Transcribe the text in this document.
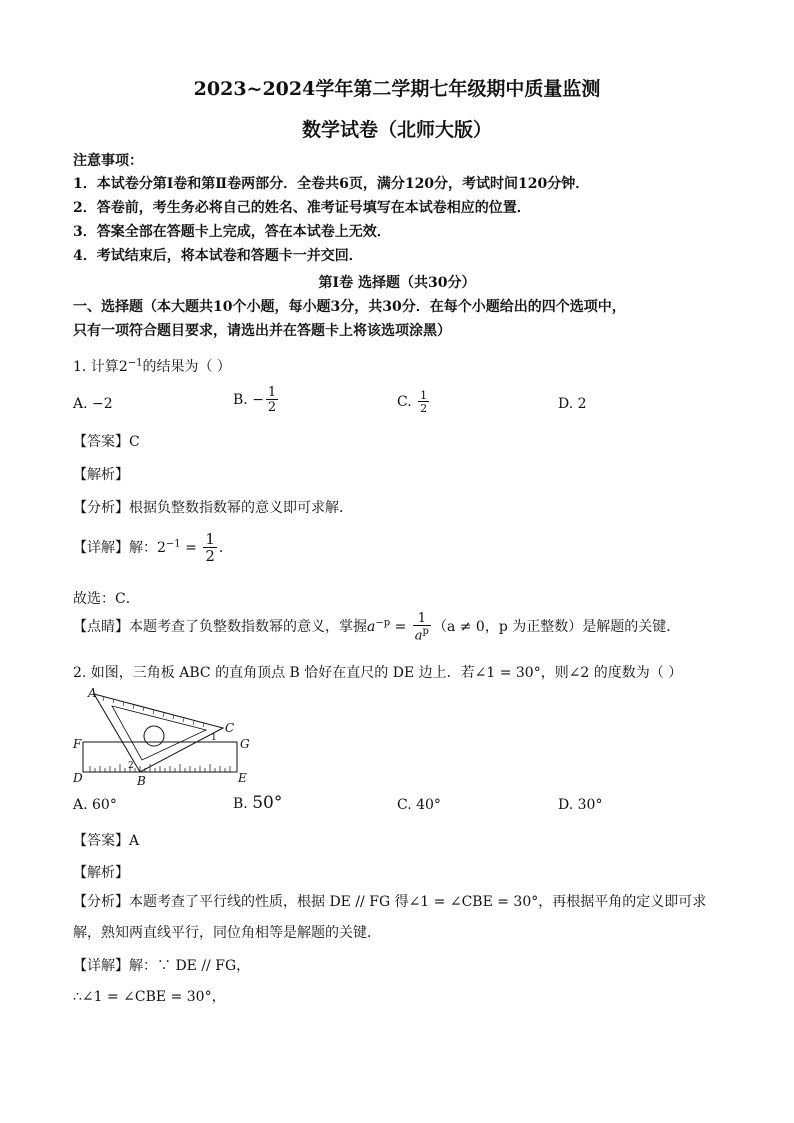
2023~2024学年第二学期七年级期中质量监测
数学试卷（北师大版）
注意事项：
1．本试卷分第Ⅰ卷和第Ⅱ卷两部分．全卷共6页，满分120分，考试时间120分钟．
2．答卷前，考生务必将自己的姓名、准考证号填写在本试卷相应的位置．
3．答案全部在答题卡上完成，答在本试卷上无效．
4．考试结束后，将本试卷和答题卡一并交回．
第Ⅰ卷 选择题（共30分）
一、选择题（本大题共10个小题，每小题3分，共30分．在每个小题给出的四个选项中，
只有一项符合题目要求，请选出并在答题卡上将该选项涂黑）
1. 计算$2^{-1}$的结果为（ ）
A. −2	B. − $\frac{1}{2}$	C. $\frac{1}{2}$	D. 2
【答案】C
【解析】
【分析】根据负整数指数幂的意义即可求解．
【详解】解：$2^{-1} = \frac{1}{2}$ ．
故选：C．
【点睛】本题考查了负整数指数幂的意义，掌握$a^{-p} = \frac{1}{a^p} (a \ne 0$，p 为正整数）是解题的关键．
2. 如图，三角板 ABC 的直角顶点 B 恰好在直尺的 DE 边上．若∠1 = 30°，则∠2 的度数为（ ）
A
C
F	G
D	B	E
1
2
A. 60°	B. 50°	C. 40°	D. 30°
【答案】A
【解析】
【分析】本题考查了平行线的性质，根据 DE // FG 得∠1 = ∠CBE = 30°，再根据平角的定义即可求
解，熟知两直线平行，同位角相等是解题的关键．
【详解】解：∵ DE // FG，
∴∠1 = ∠CBE = 30°，
